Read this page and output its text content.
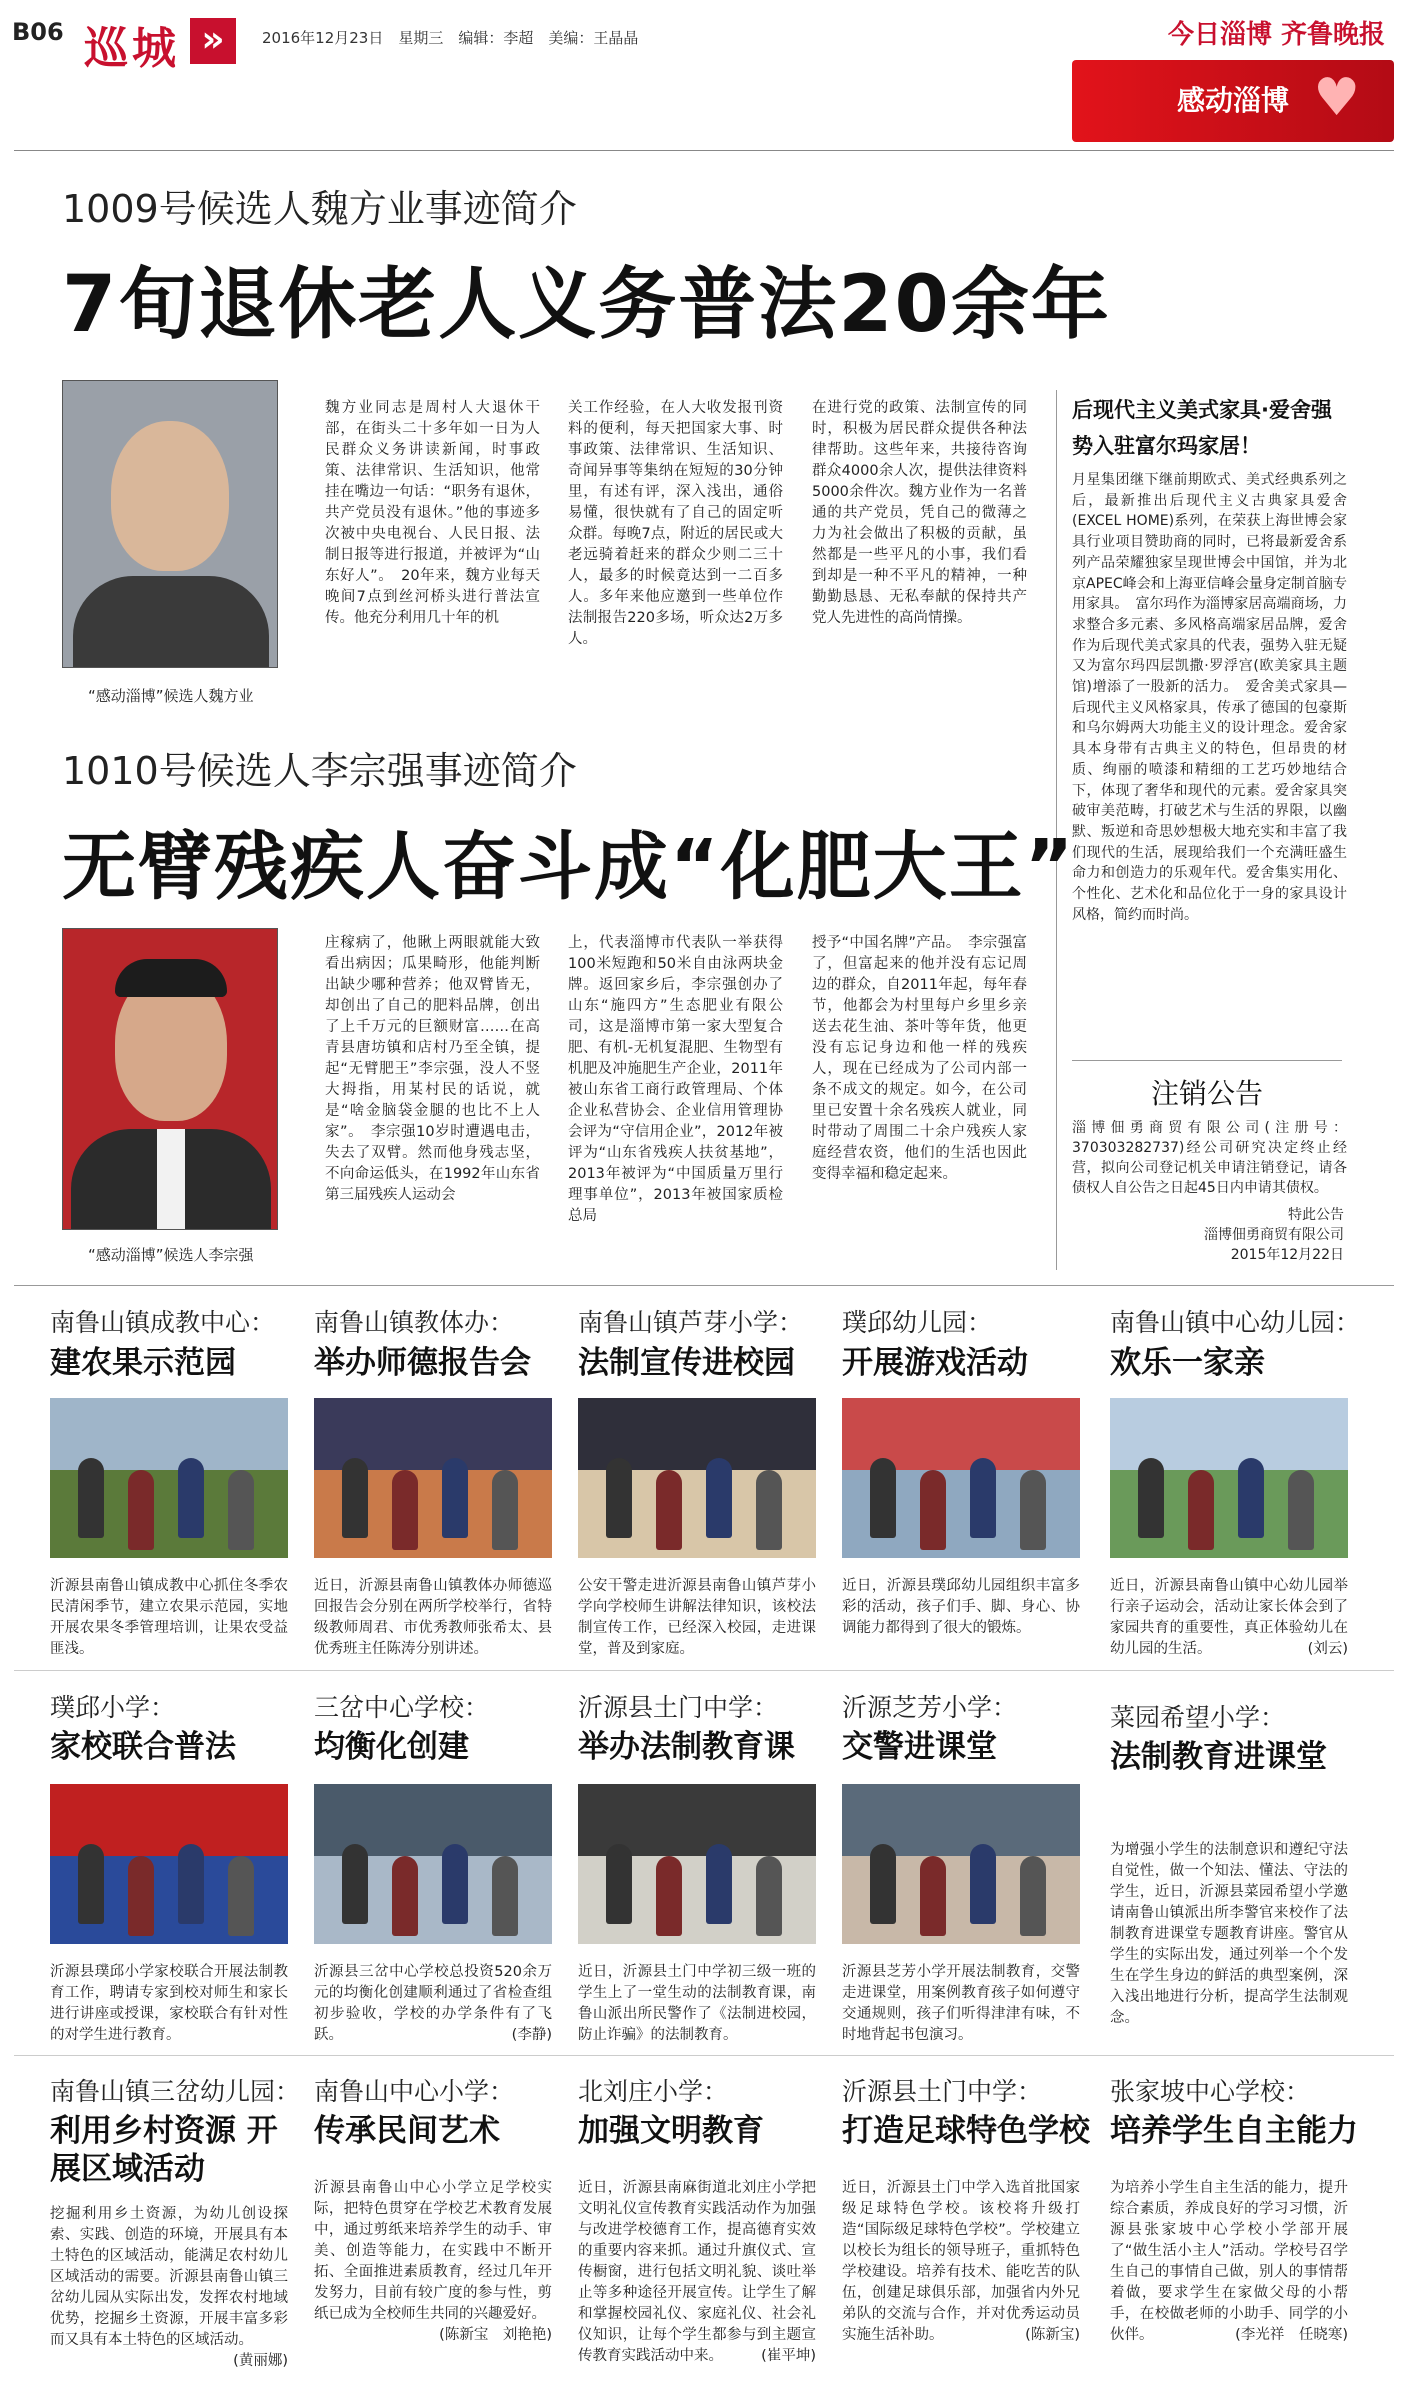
B06 巡城 »	2016年12月23日　星期三　编辑：李超　美编：王晶晶	今日淄博 齐鲁晚报
感动淄博 ♥
1009号候选人魏方业事迹简介
7旬退休老人义务普法20余年
“感动淄博”候选人魏方业
魏方业同志是周村人大退休干部，在街头二十多年如一日为人民群众义务讲读新闻，时事政策、法律常识、生活知识，他常挂在嘴边一句话：“职务有退休，共产党员没有退休。”他的事迹多次被中央电视台、人民日报、法制日报等进行报道，并被评为“山东好人”。　20年来，魏方业每天晚间7点到丝河桥头进行普法宣传。他充分利用几十年的机
关工作经验，在人大收发报刊资料的便利，每天把国家大事、时事政策、法律常识、生活知识、奇闻异事等集纳在短短的30分钟里，有述有评，深入浅出，通俗易懂，很快就有了自己的固定听众群。每晚7点，附近的居民或大老远骑着赶来的群众少则二三十人，最多的时候竟达到一二百多人。多年来他应邀到一些单位作法制报告220多场，听众达2万多人。
在进行党的政策、法制宣传的同时，积极为居民群众提供各种法律帮助。这些年来，共接待咨询群众4000余人次，提供法律资料5000余件次。魏方业作为一名普通的共产党员，凭自己的微薄之力为社会做出了积极的贡献，虽然都是一些平凡的小事，我们看到却是一种不平凡的精神，一种勤勤恳恳、无私奉献的保持共产党人先进性的高尚情操。
后现代主义美式家具·爱舍强势入驻富尔玛家居！
月星集团继下继前期欧式、美式经典系列之后，最新推出后现代主义古典家具爱舍(EXCEL HOME)系列，在荣获上海世博会家具行业项目赞助商的同时，已将最新爱舍系列产品荣耀独家呈现世博会中国馆，并为北京APEC峰会和上海亚信峰会量身定制首脑专用家具。　富尔玛作为淄博家居高端商场，力求整合多元素、多风格高端家居品牌，爱舍作为后现代美式家具的代表，强势入驻无疑又为富尔玛四层凯撒·罗浮宫(欧美家具主题馆)增添了一股新的活力。　爱舍美式家具—后现代主义风格家具，传承了德国的包豪斯和乌尔姆两大功能主义的设计理念。爱舍家具本身带有古典主义的特色，但昂贵的材质、绚丽的喷漆和精细的工艺巧妙地结合下，体现了奢华和现代的元素。爱舍家具突破审美范畴，打破艺术与生活的界限，以幽默、叛逆和奇思妙想极大地充实和丰富了我们现代的生活，展现给我们一个充满旺盛生命力和创造力的乐观年代。爱舍集实用化、个性化、艺术化和品位化于一身的家具设计风格，简约而时尚。
注销公告
淄博佃勇商贸有限公司(注册号：370303282737)经公司研究决定终止经营，拟向公司登记机关申请注销登记，请各债权人自公告之日起45日内申请其债权。
特此公告
淄博佃勇商贸有限公司
2015年12月22日
1010号候选人李宗强事迹简介
无臂残疾人奋斗成“化肥大王”
“感动淄博”候选人李宗强
庄稼病了，他瞅上两眼就能大致看出病因；瓜果畸形，他能判断出缺少哪种营养；他双臂皆无，却创出了自己的肥料品牌，创出了上千万元的巨额财富……在高青县唐坊镇和店村乃至全镇，提起“无臂肥王”李宗强，没人不竖大拇指，用某村民的话说，就是“啥金脑袋金腿的也比不上人家”。　李宗强10岁时遭遇电击，失去了双臂。然而他身残志坚，不向命运低头，在1992年山东省第三届残疾人运动会
上，代表淄博市代表队一举获得100米短跑和50米自由泳两块金牌。返回家乡后，李宗强创办了山东“施四方”生态肥业有限公司，这是淄博市第一家大型复合肥、有机-无机复混肥、生物型有机肥及冲施肥生产企业，2011年被山东省工商行政管理局、个体企业私营协会、企业信用管理协会评为“守信用企业”，2012年被评为“山东省残疾人扶贫基地”，2013年被评为“中国质量万里行理事单位”，2013年被国家质检总局
授予“中国名牌”产品。　李宗强富了，但富起来的他并没有忘记周边的群众，自2011年起，每年春节，他都会为村里每户乡里乡亲送去花生油、茶叶等年货，他更没有忘记身边和他一样的残疾人，现在已经成为了公司内部一条不成文的规定。如今，在公司里已安置十余名残疾人就业，同时带动了周围二十余户残疾人家庭经营农资，他们的生活也因此变得幸福和稳定起来。
南鲁山镇成教中心：
建农果示范园
沂源县南鲁山镇成教中心抓住冬季农民清闲季节，建立农果示范园，实地开展农果冬季管理培训，让果农受益匪浅。
南鲁山镇教体办：
举办师德报告会
近日，沂源县南鲁山镇教体办师德巡回报告会分别在两所学校举行，省特级教师周君、市优秀教师张希太、县优秀班主任陈涛分别讲述。
南鲁山镇芦芽小学：
法制宣传进校园
公安干警走进沂源县南鲁山镇芦芽小学向学校师生讲解法律知识，该校法制宣传工作，已经深入校园，走进课堂，普及到家庭。
璞邱幼儿园：
开展游戏活动
近日，沂源县璞邱幼儿园组织丰富多彩的活动，孩子们手、脚、身心、协调能力都得到了很大的锻炼。
南鲁山镇中心幼儿园：
欢乐一家亲
近日，沂源县南鲁山镇中心幼儿园举行亲子运动会，活动让家长体会到了家园共育的重要性，真正体验幼儿在幼儿园的生活。	(刘云)
璞邱小学：
家校联合普法
沂源县璞邱小学家校联合开展法制教育工作，聘请专家到校对师生和家长进行讲座或授课，家校联合有针对性的对学生进行教育。
三岔中心学校：
均衡化创建
沂源县三岔中心学校总投资520余万元的均衡化创建顺利通过了省检查组初步验收，学校的办学条件有了飞跃。	(李静)
沂源县土门中学：
举办法制教育课
近日，沂源县土门中学初三级一班的学生上了一堂生动的法制教育课，南鲁山派出所民警作了《法制进校园，防止诈骗》的法制教育。
沂源芝芳小学：
交警进课堂
沂源县芝芳小学开展法制教育，交警走进课堂，用案例教育孩子如何遵守交通规则，孩子们听得津津有味，不时地背起书包演习。
菜园希望小学：
法制教育进课堂
为增强小学生的法制意识和遵纪守法自觉性，做一个知法、懂法、守法的学生，近日，沂源县菜园希望小学邀请南鲁山镇派出所李警官来校作了法制教育进课堂专题教育讲座。警官从学生的实际出发，通过列举一个个发生在学生身边的鲜活的典型案例，深入浅出地进行分析，提高学生法制观念。
南鲁山镇三岔幼儿园：
利用乡村资源 开展区域活动
挖掘利用乡土资源，为幼儿创设探索、实践、创造的环境，开展具有本土特色的区域活动，能满足农村幼儿区域活动的需要。沂源县南鲁山镇三岔幼儿园从实际出发，发挥农村地域优势，挖掘乡土资源，开展丰富多彩而又具有本土特色的区域活动。
(黄丽娜)
南鲁山中心小学：
传承民间艺术
沂源县南鲁山中心小学立足学校实际，把特色贯穿在学校艺术教育发展中，通过剪纸来培养学生的动手、审美、创造等能力，在实践中不断开拓、全面推进素质教育，经过几年开发努力，目前有较广度的参与性，剪纸已成为全校师生共同的兴趣爱好。
(陈新宝　刘艳艳)
北刘庄小学：
加强文明教育
近日，沂源县南麻街道北刘庄小学把文明礼仪宣传教育实践活动作为加强与改进学校德育工作，提高德育实效的重要内容来抓。通过升旗仪式、宣传橱窗，进行包括文明礼貌、谈吐举止等多种途径开展宣传。让学生了解和掌握校园礼仪、家庭礼仪、社会礼仪知识，让每个学生都参与到主题宣传教育实践活动中来。	(崔平坤)
沂源县土门中学：
打造足球特色学校
近日，沂源县土门中学入选首批国家级足球特色学校。该校将升级打造“国际级足球特色学校”。学校建立以校长为组长的领导班子，重抓特色学校建设。培养有技术、能吃苦的队伍，创建足球俱乐部，加强省内外兄弟队的交流与合作，并对优秀运动员实施生活补助。	(陈新宝)
张家坡中心学校：
培养学生自主能力
为培养小学生自主生活的能力，提升综合素质，养成良好的学习习惯，沂源县张家坡中心学校小学部开展了“做生活小主人”活动。学校号召学生自己的事情自己做，别人的事情帮着做，要求学生在家做父母的小帮手，在校做老师的小助手、同学的小伙伴。	(李光祥　任晓寒)
